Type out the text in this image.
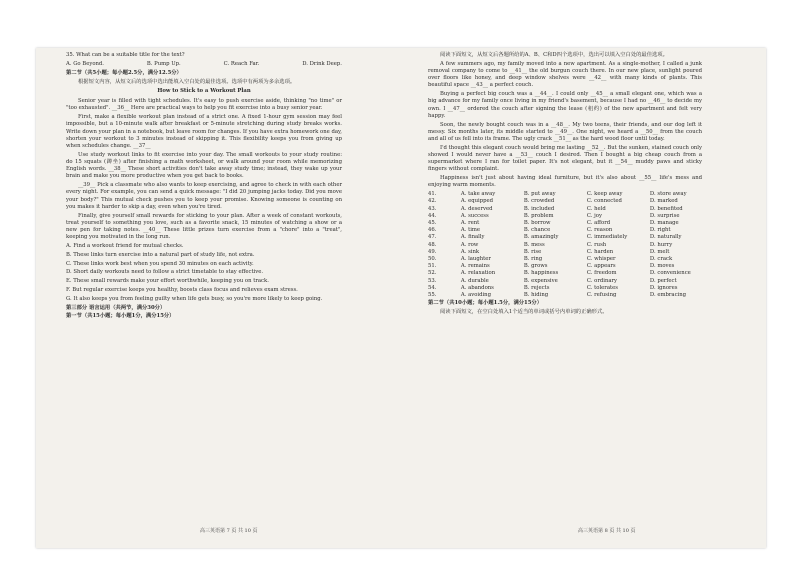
35. What can be a suitable title for the text?

A. Go Beyond.	B. Pump Up.	C. Reach Far.	D. Drink Deep.

第二节（共5小题；每小题2.5分，满分12.5分）

根据短文内容，从短文后的选项中选出能填入空白处的最佳选项。选项中有两项为多余选项。

How to Stick to a Workout Plan

Senior year is filled with tight schedules. It's easy to push exercise aside, thinking "no time" or "too exhausted". __36__ Here are practical ways to help you fit exercise into a busy senior year.

First, make a flexible workout plan instead of a strict one. A fixed 1-hour gym session may feel impossible, but a 10-minute walk after breakfast or 5-minute stretching during study breaks works. Write down your plan in a notebook, but leave room for changes. If you have extra homework one day, shorten your workout to 3 minutes instead of skipping it. This flexibility keeps you from giving up when schedules change. __37__

Use study workout links to fit exercise into your day. The small workouts to your study routine: do 15 squats (蹲坐) after finishing a math worksheet, or walk around your room while memorizing English words. __38__ These short activities don't take away study time; instead, they wake up your brain and make you more productive when you get back to books.

__39__ Pick a classmate who also wants to keep exercising, and agree to check in with each other every night. For example, you can send a quick message: "I did 20 jumping jacks today. Did you move your body?" This mutual check pushes you to keep your promise. Knowing someone is counting on you makes it harder to skip a day, even when you're tired.

Finally, give yourself small rewards for sticking to your plan. After a week of constant workouts, treat yourself to something you love, such as a favorite snack, 15 minutes of watching a show or a new pen for taking notes. __40__ These little prizes turn exercise from a "chore" into a "treat", keeping you motivated in the long run.

A. Find a workout friend for mutual checks.

B. These links turn exercise into a natural part of study life, not extra.

C. These links work best when you spend 30 minutes on each activity.

D. Short daily workouts need to follow a strict timetable to stay effective.

E. These small rewards make your effort worthwhile, keeping you on track.

F. But regular exercise keeps you healthy, boosts class focus and relieves exam stress.

G. It also keeps you from feeling guilty when life gets busy, so you're more likely to keep going.

第三部分 语言运用（共两节，满分30分）

第一节（共15小题；每小题1分，满分15分）

阅读下面短文，从短文后各题所给的A、B、C和D四个选项中，选出可以填入空白处的最佳选项。

A few summers ago, my family moved into a new apartment. As a single-mother, I called a junk removal company to come to __41__ the old burgun couch there. In our new place, sunlight poured over floors like honey, and deep window shelves were __42__ with many kinds of plants. This beautiful space __43__ a perfect couch.

Buying a perfect big couch was a __44__. I could only __45__ a small elegant one, which was a big advance for my family once living in my friend's basement, because I had no __46__ to decide my own. I __47__ ordered the couch after signing the lease (租约) of the new apartment and felt very happy.

Soon, the newly bought couch was in a __48__. My two teens, their friends, and our dog left it messy. Six months later, its middle started to __49__. One night, we heard a __50__ from the couch and all of us fell into its frame. The ugly crack __51__ as the hard wood floor until today.

I'd thought this elegant couch would bring me lasting __52__. But the sunken, stained couch only showed I would never have a __53__ couch I desired. Then I bought a big cheap couch from a supermarket where I ran for toilet paper. It's not elegant, but it __54__ muddy paws and sticky fingers without complaint.

Happiness isn't just about having ideal furniture, but it's also about __55__ life's mess and enjoying warm moments.

41.	A. take away	B. put away	C. keep away	D. store away
42.	A. equipped	B. crowded	C. connected	D. marked
43.	A. deserved	B. included	C. held	D. benefited
44.	A. success	B. problem	C. joy	D. surprise
45.	A. rent	B. borrow	C. afford	D. manage
46.	A. time	B. chance	C. reason	D. right
47.	A. finally	B. amazingly	C. immediately	D. naturally
48.	A. row	B. mess	C. rush	D. hurry
49.	A. sink	B. rise	C. harden	D. melt
50.	A. laughter	B. ring	C. whisper	D. crack
51.	A. remains	B. grows	C. appears	D. moves
52.	A. relaxation	B. happiness	C. freedom	D. convenience
53.	A. durable	B. expensive	C. ordinary	D. perfect
54.	A. abandons	B. rejects	C. tolerates	D. ignores
55.	A. avoiding	B. hiding	C. refusing	D. embracing

第二节（共10小题；每小题1.5分，满分15分）

阅读下面短文，在空白处填入1个适当的单词或括号内单词的正确形式。

高三英语第 7 页 共 10 页	高三英语第 8 页 共 10 页
